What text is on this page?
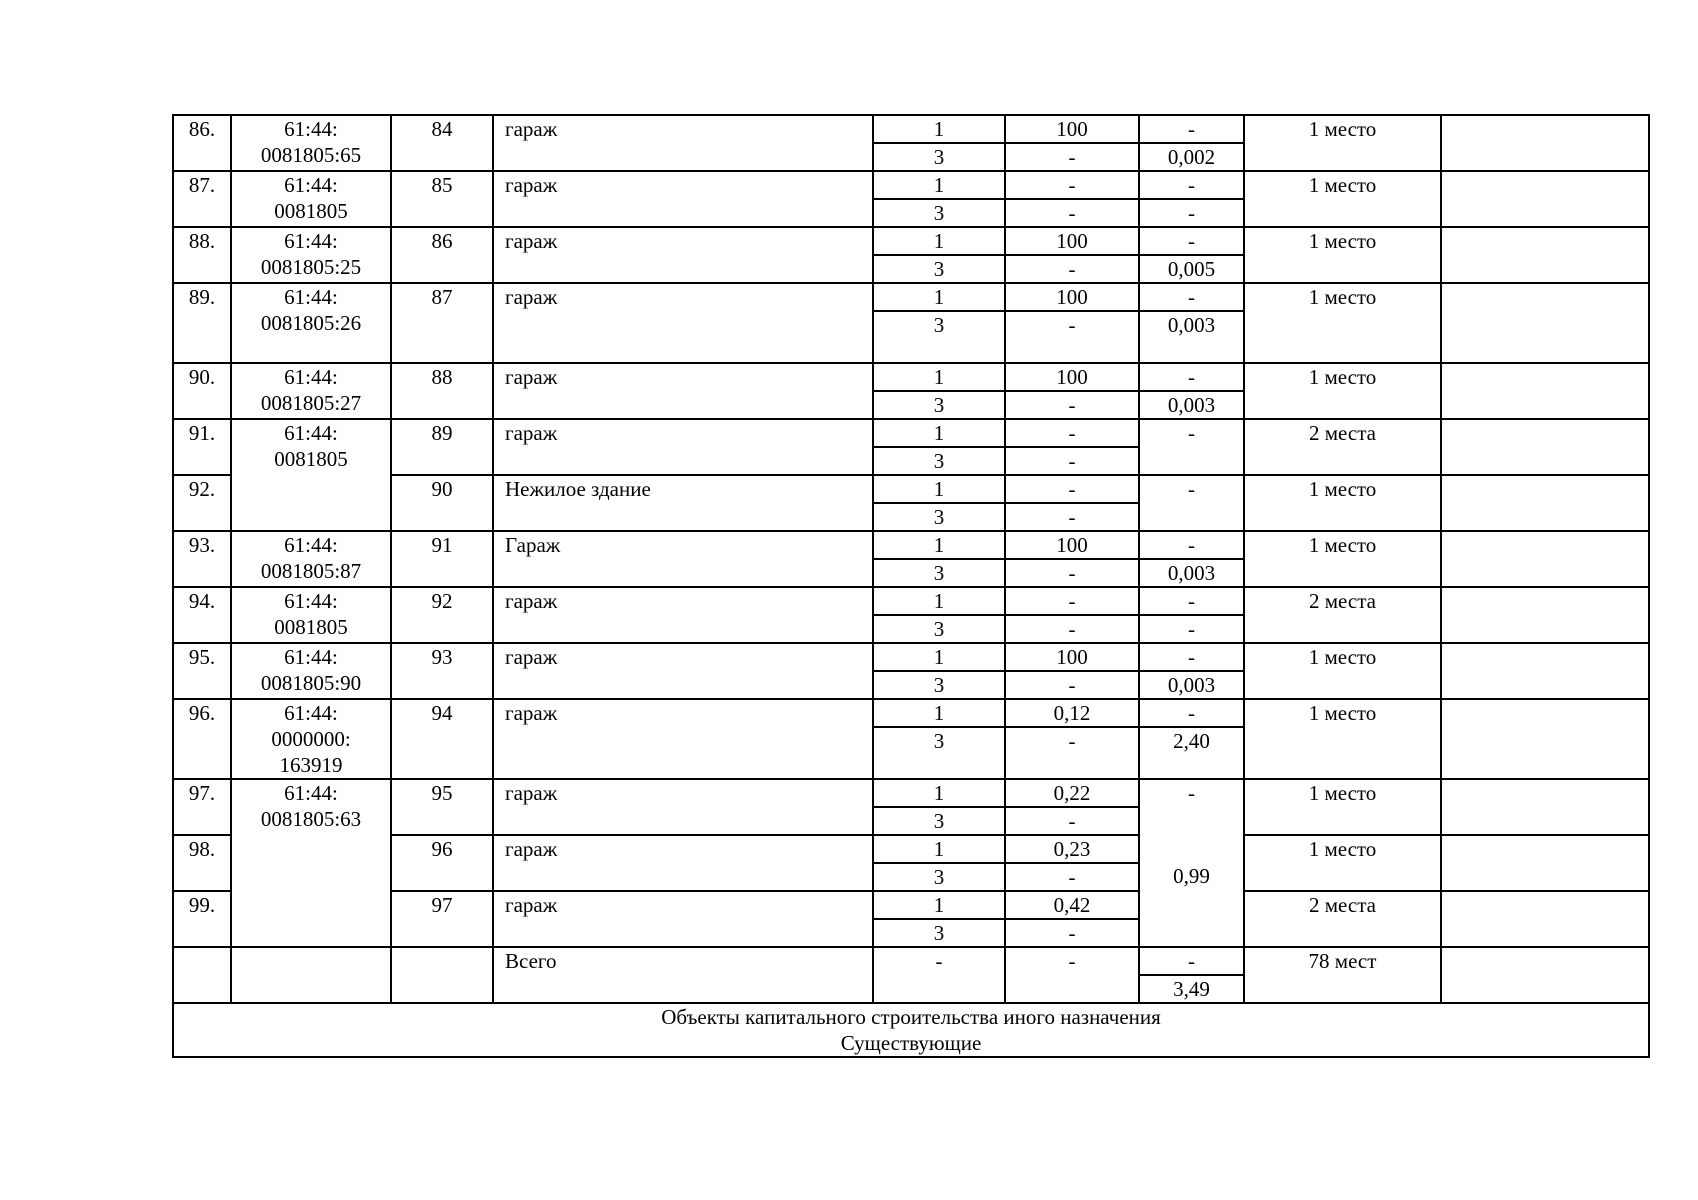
86.	61:44:
0081805:65	84	гараж	1	100	-	1 место	
				3	-	0,002		
87.	61:44:
0081805	85	гараж	1	-	-	1 место	
				3	-	-		
88.	61:44:
0081805:25	86	гараж	1	100	-	1 место	
				3	-	0,005		
89.	61:44:
0081805:26	87	гараж	1	100	-	1 место	
				3	-	0,003		
90.	61:44:
0081805:27	88	гараж	1	100	-	1 место	
				3	-	0,003		
91.	61:44:
0081805	89	гараж	1	-	-	2 места	
				3	-			
92.		90	Нежилое здание	1	-	-	1 место	
				3	-			
93.	61:44:
0081805:87	91	Гараж	1	100	-	1 место	
				3	-	0,003		
94.	61:44:
0081805	92	гараж	1	-	-	2 места	
				3	-	-		
95.	61:44:
0081805:90	93	гараж	1	100	-	1 место	
				3	-	0,003		
96.	61:44:
0000000:
163919	94	гараж	1	0,12	-	1 место	
				3	-	2,40		
97.	61:44:
0081805:63	95	гараж	1	0,22	-	1 место	
				3	-			
98.		96	гараж	1	0,23		1 место	
				3	-	0,99		
99.		97	гараж	1	0,42		2 места	
				3	-			
			Всего	-	-	-	78 мест	
						3,49		

Объекты капитального строительства иного назначения
Существующие								
